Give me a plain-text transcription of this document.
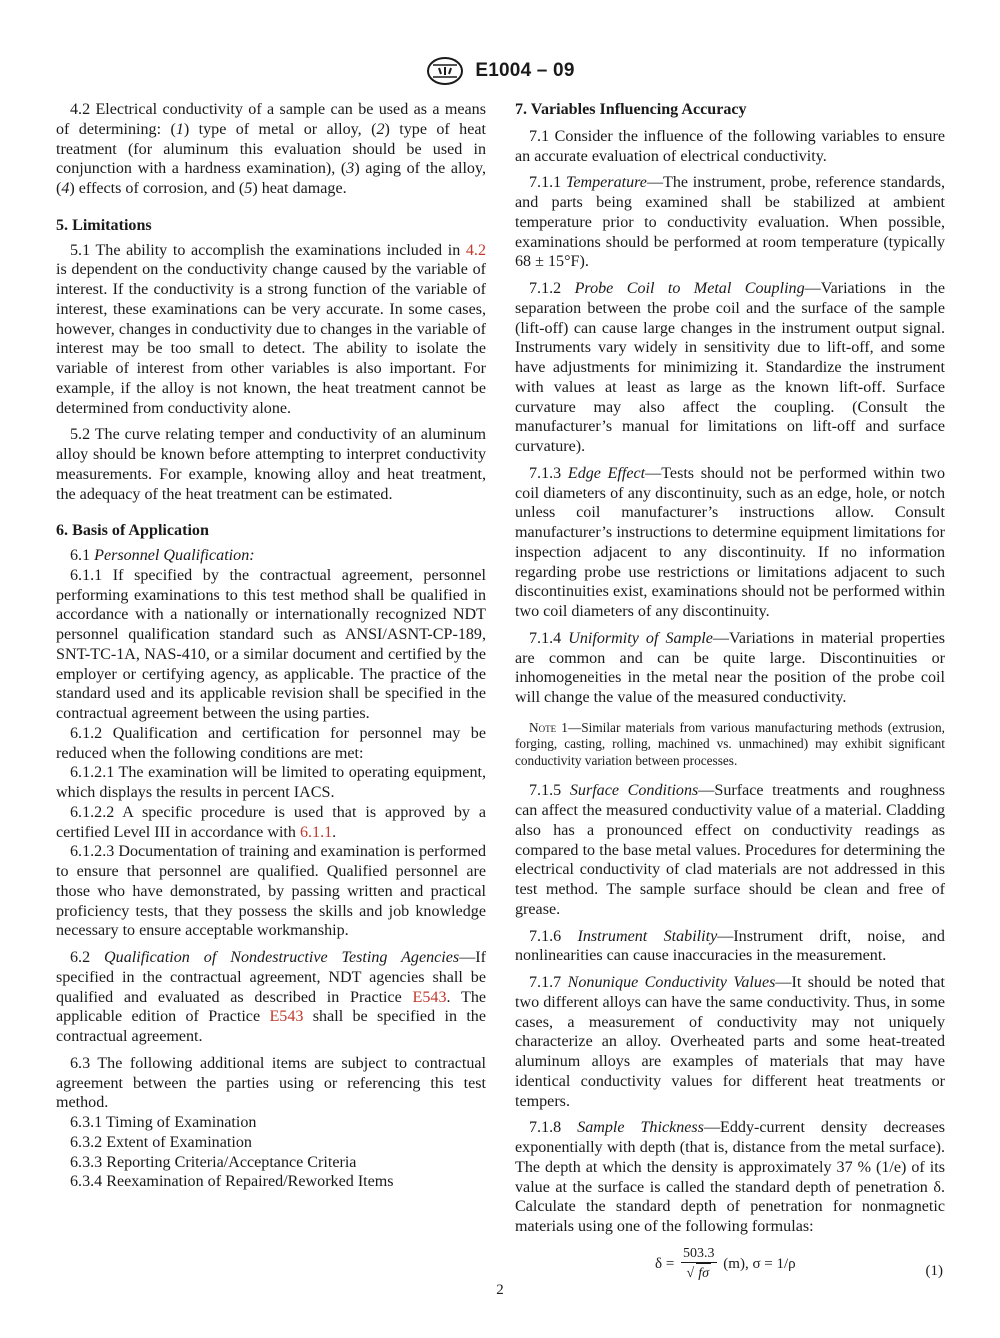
E1004 – 09

4.2 Electrical conductivity of a sample can be used as a means of determining: (1) type of metal or alloy, (2) type of heat treatment (for aluminum this evaluation should be used in conjunction with a hardness examination), (3) aging of the alloy, (4) effects of corrosion, and (5) heat damage.

5. Limitations

5.1 The ability to accomplish the examinations included in 4.2 is dependent on the conductivity change caused by the variable of interest. If the conductivity is a strong function of the variable of interest, these examinations can be very accurate. In some cases, however, changes in conductivity due to changes in the variable of interest may be too small to detect. The ability to isolate the variable of interest from other variables is also important. For example, if the alloy is not known, the heat treatment cannot be determined from conductivity alone.

5.2 The curve relating temper and conductivity of an aluminum alloy should be known before attempting to interpret conductivity measurements. For example, knowing alloy and heat treatment, the adequacy of the heat treatment can be estimated.

6. Basis of Application

6.1 Personnel Qualification:

6.1.1 If specified by the contractual agreement, personnel performing examinations to this test method shall be qualified in accordance with a nationally or internationally recognized NDT personnel qualification standard such as ANSI/ASNT-CP-189, SNT-TC-1A, NAS-410, or a similar document and certified by the employer or certifying agency, as applicable. The practice of the standard used and its applicable revision shall be specified in the contractual agreement between the using parties.

6.1.2 Qualification and certification for personnel may be reduced when the following conditions are met:

6.1.2.1 The examination will be limited to operating equipment, which displays the results in percent IACS.

6.1.2.2 A specific procedure is used that is approved by a certified Level III in accordance with 6.1.1.

6.1.2.3 Documentation of training and examination is performed to ensure that personnel are qualified. Qualified personnel are those who have demonstrated, by passing written and practical proficiency tests, that they possess the skills and job knowledge necessary to ensure acceptable workmanship.

6.2 Qualification of Nondestructive Testing Agencies—If specified in the contractual agreement, NDT agencies shall be qualified and evaluated as described in Practice E543. The applicable edition of Practice E543 shall be specified in the contractual agreement.

6.3 The following additional items are subject to contractual agreement between the parties using or referencing this test method.

6.3.1 Timing of Examination

6.3.2 Extent of Examination

6.3.3 Reporting Criteria/Acceptance Criteria

6.3.4 Reexamination of Repaired/Reworked Items

7. Variables Influencing Accuracy

7.1 Consider the influence of the following variables to ensure an accurate evaluation of electrical conductivity.

7.1.1 Temperature—The instrument, probe, reference standards, and parts being examined shall be stabilized at ambient temperature prior to conductivity evaluation. When possible, examinations should be performed at room temperature (typically 68 ± 15°F).

7.1.2 Probe Coil to Metal Coupling—Variations in the separation between the probe coil and the surface of the sample (lift-off) can cause large changes in the instrument output signal. Instruments vary widely in sensitivity due to lift-off, and some have adjustments for minimizing it. Standardize the instrument with values at least as large as the known lift-off. Surface curvature may also affect the coupling. (Consult the manufacturer’s manual for limitations on lift-off and surface curvature).

7.1.3 Edge Effect—Tests should not be performed within two coil diameters of any discontinuity, such as an edge, hole, or notch unless coil manufacturer’s instructions allow. Consult manufacturer’s instructions to determine equipment limitations for inspection adjacent to any discontinuity. If no information regarding probe use restrictions or limitations adjacent to such discontinuities exist, examinations should not be performed within two coil diameters of any discontinuity.

7.1.4 Uniformity of Sample—Variations in material properties are common and can be quite large. Discontinuities or inhomogeneities in the metal near the position of the probe coil will change the value of the measured conductivity.

Note 1—Similar materials from various manufacturing methods (extrusion, forging, casting, rolling, machined vs. unmachined) may exhibit significant conductivity variation between processes.

7.1.5 Surface Conditions—Surface treatments and roughness can affect the measured conductivity value of a material. Cladding also has a pronounced effect on conductivity readings as compared to the base metal values. Procedures for determining the electrical conductivity of clad materials are not addressed in this test method. The sample surface should be clean and free of grease.

7.1.6 Instrument Stability—Instrument drift, noise, and nonlinearities can cause inaccuracies in the measurement.

7.1.7 Nonunique Conductivity Values—It should be noted that two different alloys can have the same conductivity. Thus, in some cases, a measurement of conductivity may not uniquely characterize an alloy. Overheated parts and some heat-treated aluminum alloys are examples of materials that may have identical conductivity values for different heat treatments or tempers.

7.1.8 Sample Thickness—Eddy-current density decreases exponentially with depth (that is, distance from the metal surface). The depth at which the density is approximately 37 % (1/e) of its value at the surface is called the standard depth of penetration δ. Calculate the standard depth of penetration for nonmagnetic materials using one of the following formulas:

$\delta = \frac{503.3}{√ f\sigma} (m)$, σ = 1/ρ	(1)
2
